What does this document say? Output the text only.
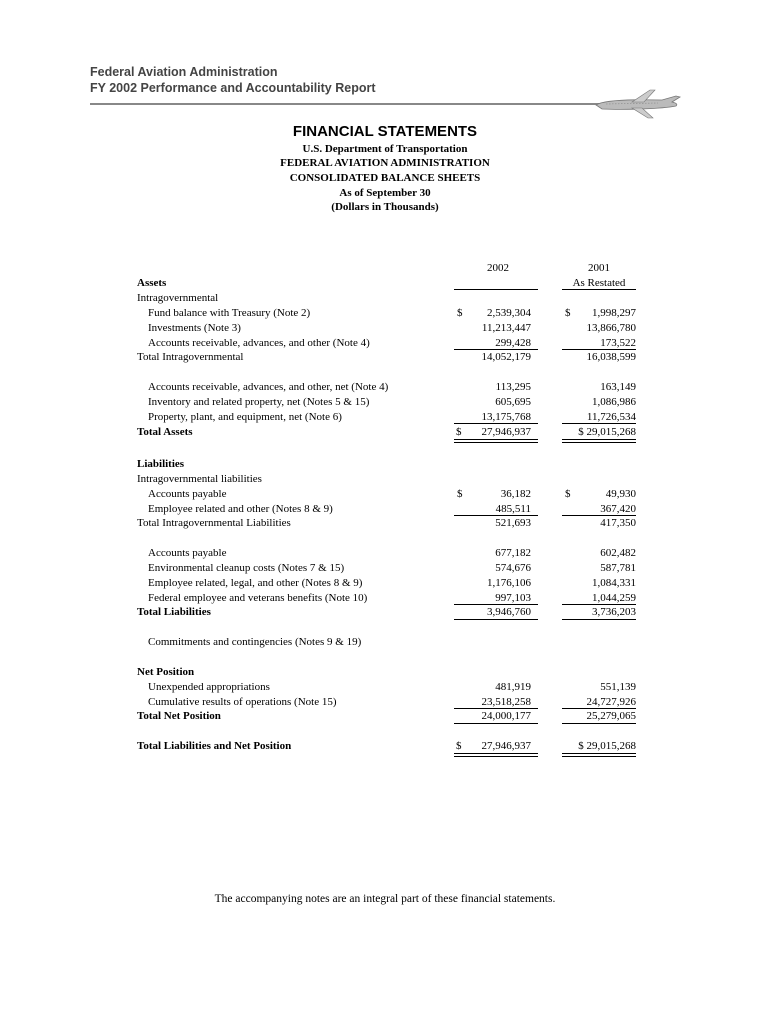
Federal Aviation Administration
FY 2002 Performance and Accountability Report
FINANCIAL STATEMENTS
U.S. Department of Transportation
FEDERAL AVIATION ADMINISTRATION
CONSOLIDATED BALANCE SHEETS
As of September 30
(Dollars in Thousands)
2002	2001
As Restated
Assets
Intragovernmental
Fund balance with Treasury (Note 2)	$	2,539,304	$	1,998,297
Investments (Note 3)	11,213,447	13,866,780
Accounts receivable, advances, and other (Note 4)	299,428	173,522
Total Intragovernmental	14,052,179	16,038,599
Accounts receivable, advances, and other, net (Note 4)	113,295	163,149
Inventory and related property, net (Notes 5 & 15)	605,695	1,086,986
Property, plant, and equipment, net (Note 6)	13,175,768	11,726,534
Total Assets	$	27,946,937	$ 29,015,268
Liabilities
Intragovernmental liabilities
Accounts payable	$	36,182	$	49,930
Employee related and other (Notes 8 & 9)	485,511	367,420
Total Intragovernmental Liabilities	521,693	417,350
Accounts payable	677,182	602,482
Environmental cleanup costs (Notes 7 & 15)	574,676	587,781
Employee related, legal, and other (Notes 8 & 9)	1,176,106	1,084,331
Federal employee and veterans benefits (Note 10)	997,103	1,044,259
Total Liabilities	3,946,760	3,736,203
Commitments and contingencies (Notes 9 & 19)
Net Position
Unexpended appropriations	481,919	551,139
Cumulative results of operations (Note 15)	23,518,258	24,727,926
Total Net Position	24,000,177	25,279,065
Total Liabilities and Net Position	$	27,946,937	$ 29,015,268
The accompanying notes are an integral part of these financial statements.
